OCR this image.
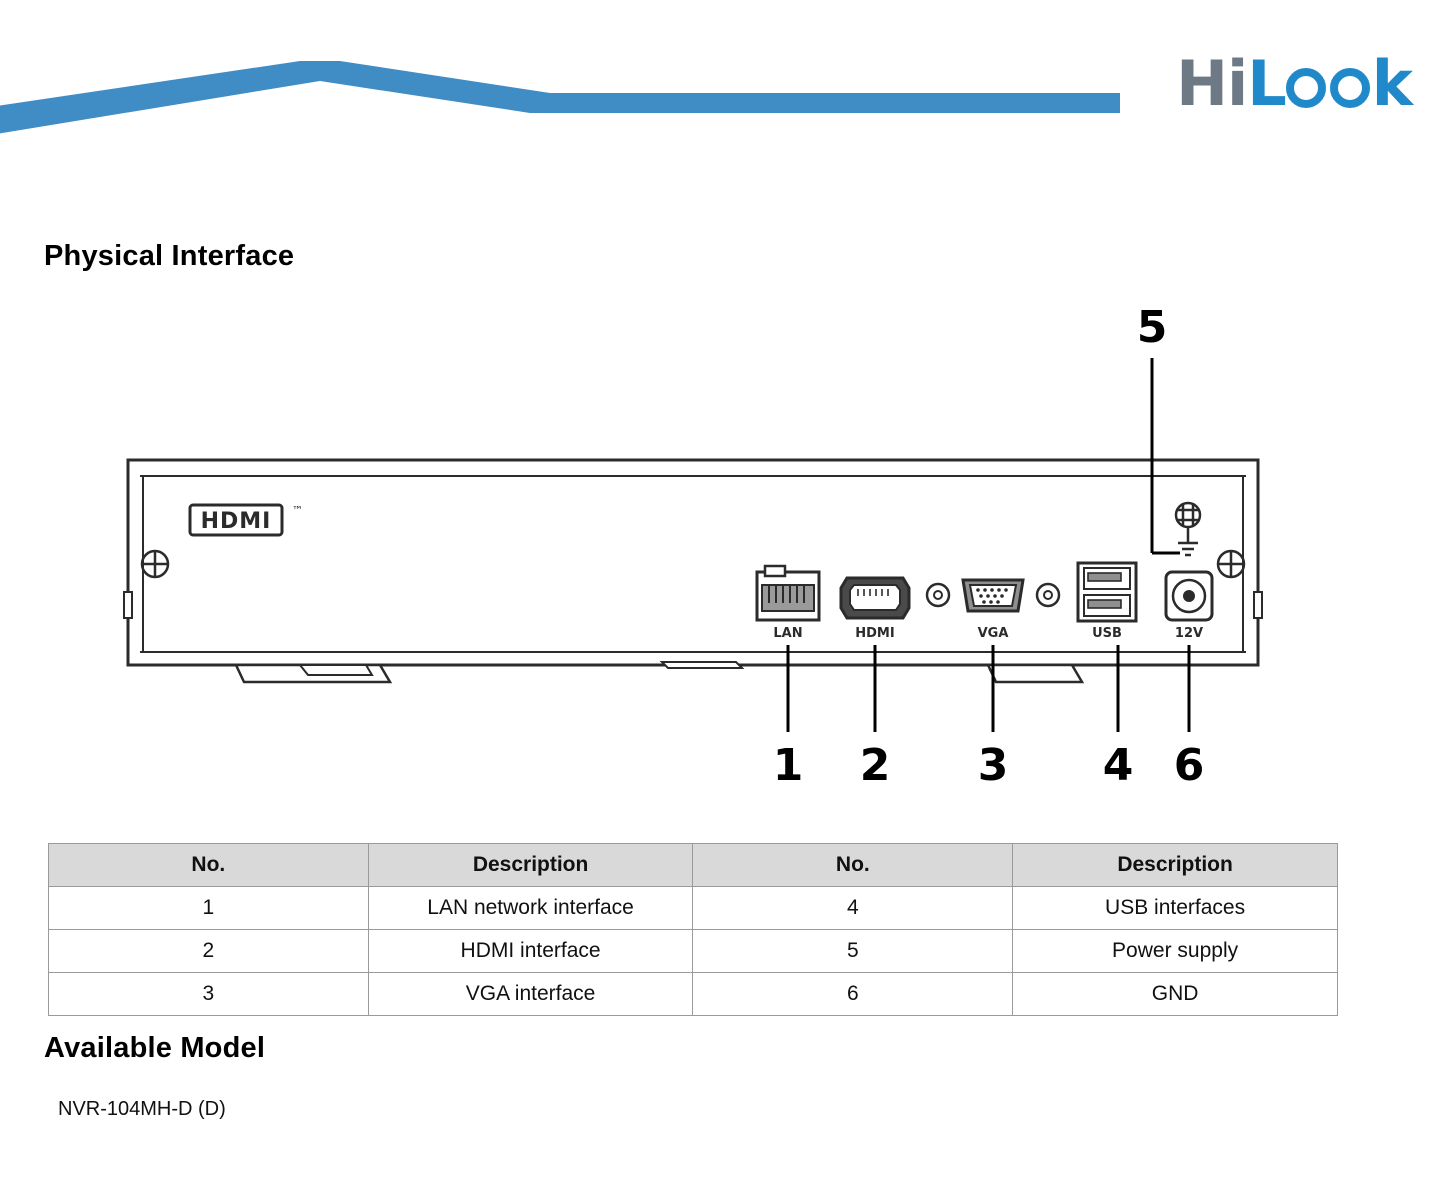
Hi L k
Physical Interface
HDMI ™
LAN	HDMI	VGA	USB	12V
5
1 2 3 4 6
No.	Description	No.	Description
1	LAN network interface	4	USB interfaces
2	HDMI interface	5	Power supply
3	VGA interface	6	GND
Available Model
NVR-104MH-D (D)
